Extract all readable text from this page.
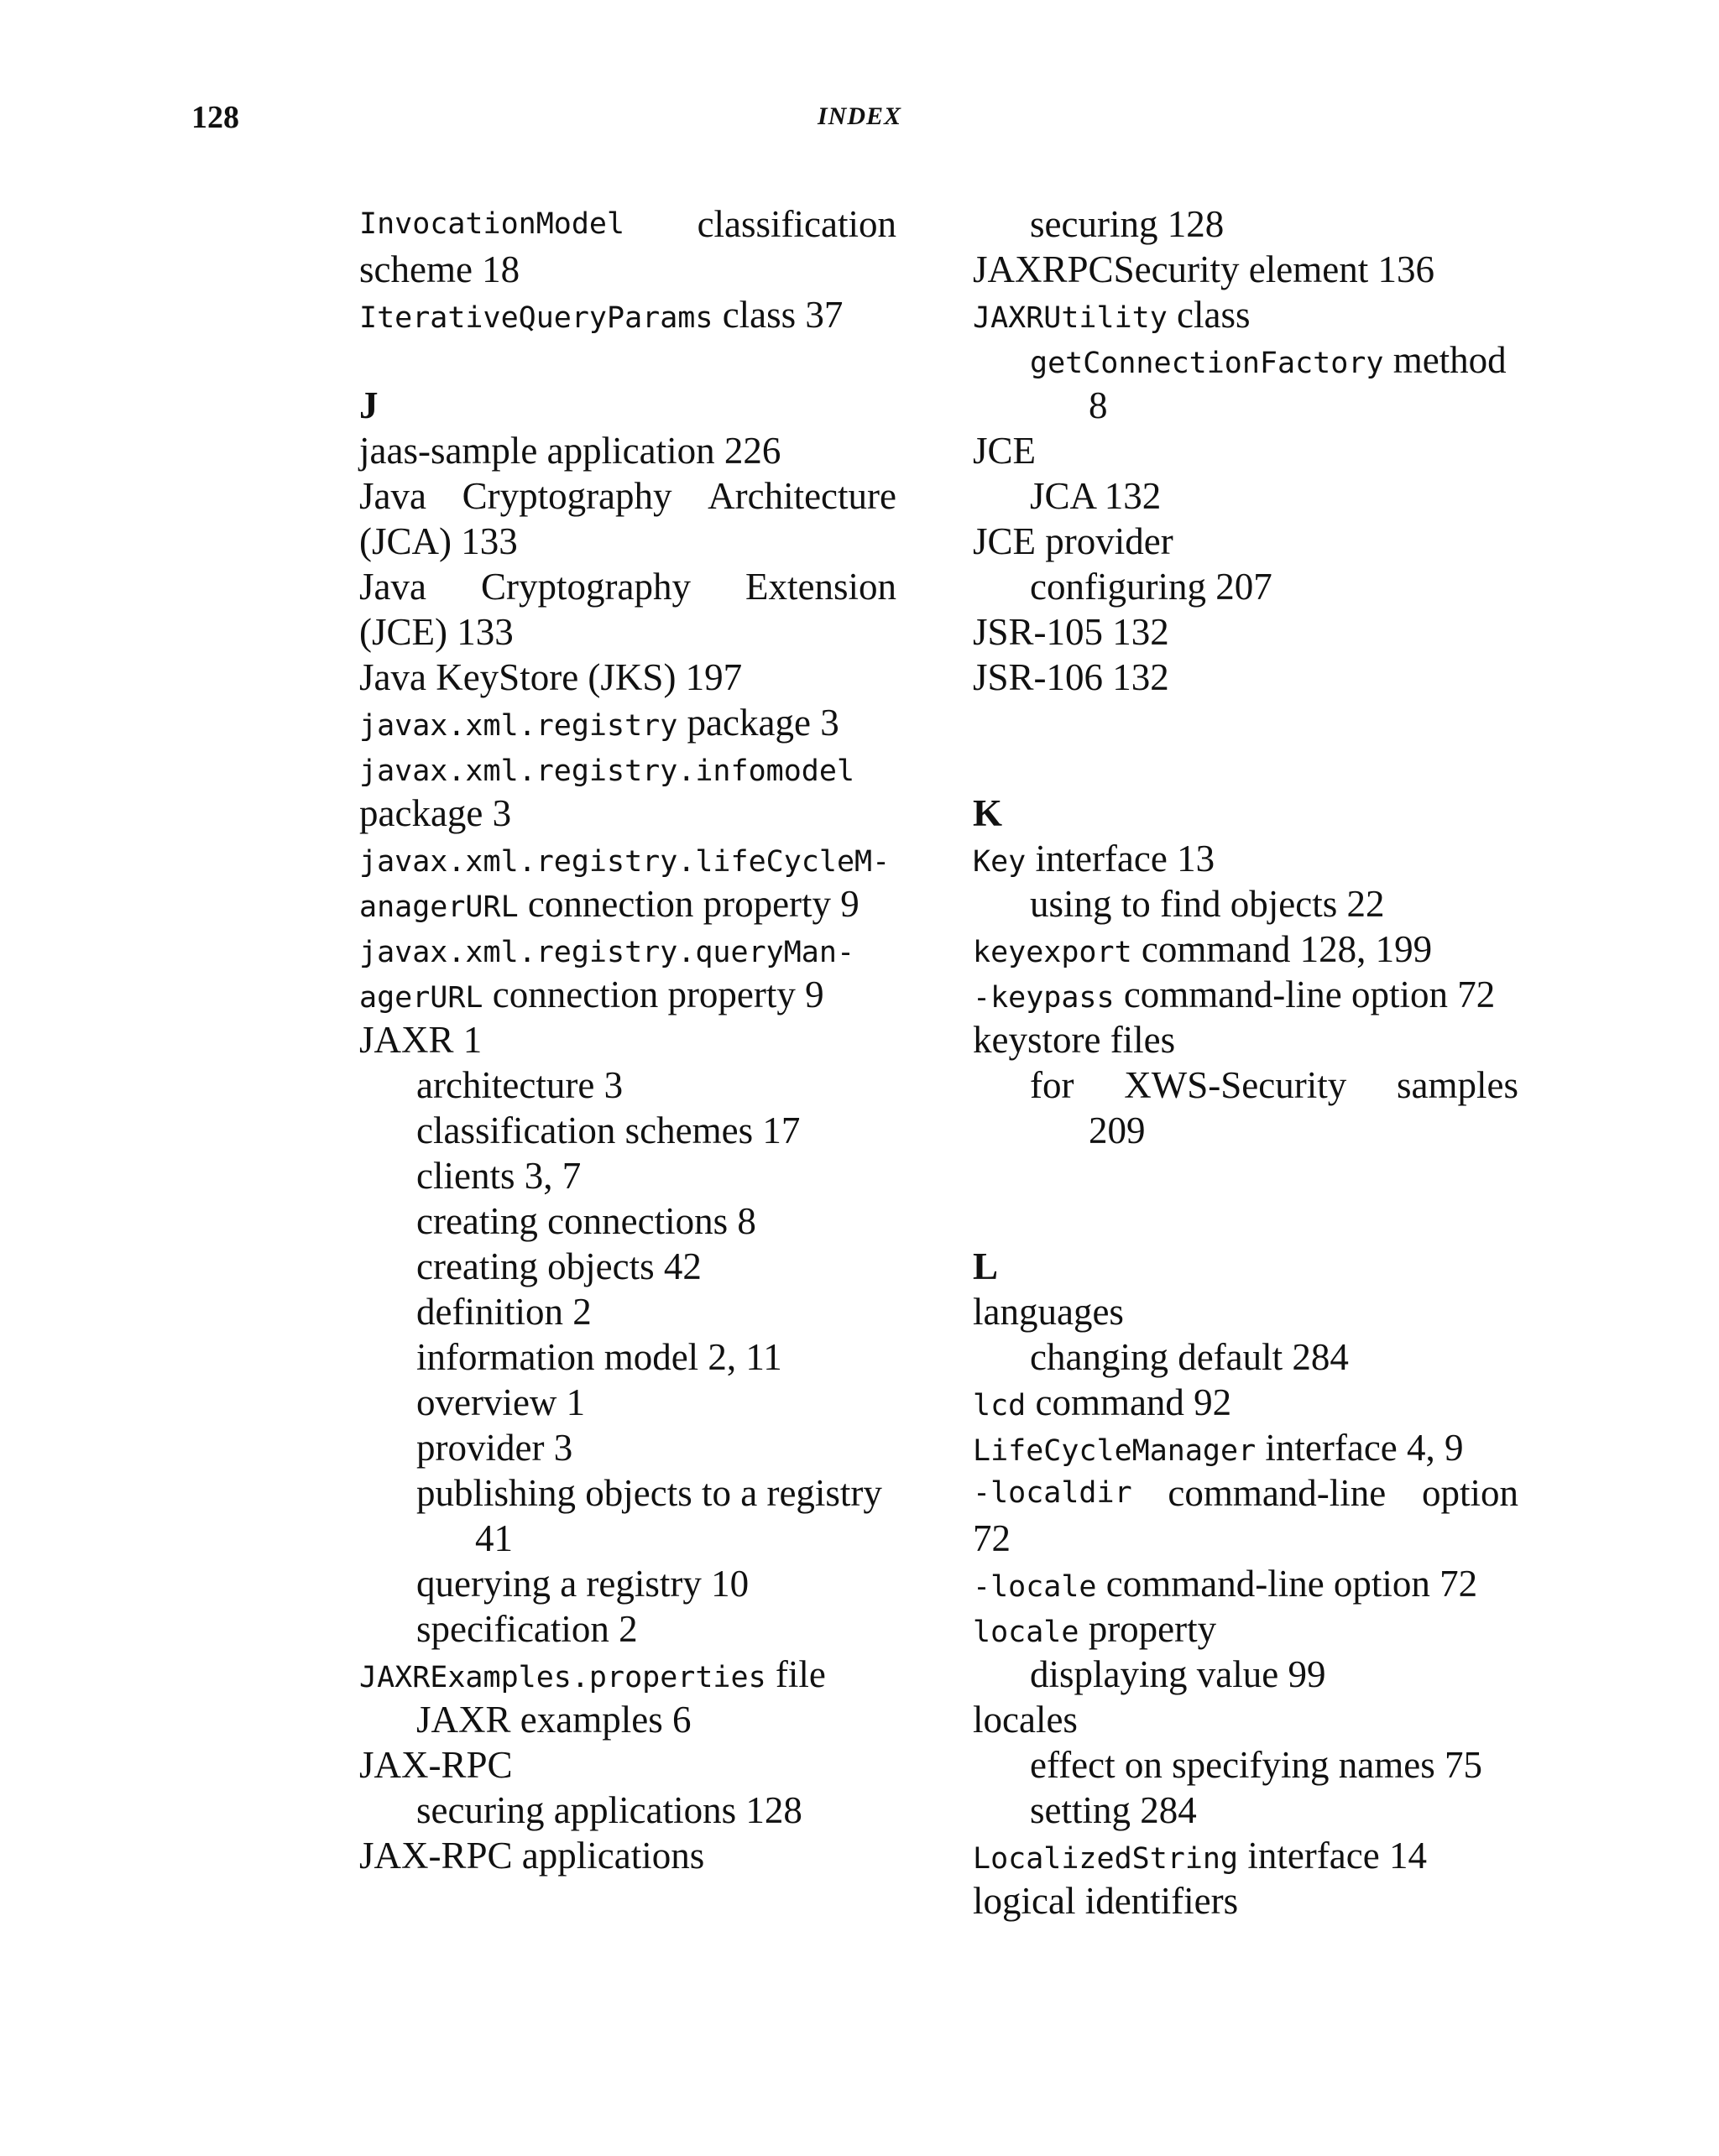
128	INDEX
InvocationModel classification
scheme 18
IterativeQueryParams class 37
J
jaas-sample application 226
Java Cryptography Architecture
(JCA) 133
Java Cryptography Extension
(JCE) 133
Java KeyStore (JKS) 197
javax.xml.registry package 3
javax.xml.registry.infomodel
package 3
javax.xml.registry.lifeCycleM-
anagerURL connection property 9
javax.xml.registry.queryMan-
agerURL connection property 9
JAXR 1
architecture 3
classification schemes 17
clients 3, 7
creating connections 8
creating objects 42
definition 2
information model 2, 11
overview 1
provider 3
publishing objects to a registry
41
querying a registry 10
specification 2
JAXRExamples.properties file
JAXR examples 6
JAX-RPC
securing applications 128
JAX-RPC applications
securing 128
JAXRPCSecurity element 136
JAXRUtility class
getConnectionFactory method
8
JCE
JCA 132
JCE provider
configuring 207
JSR-105 132
JSR-106 132
K
Key interface 13
using to find objects 22
keyexport command 128, 199
-keypass command-line option 72
keystore files
for XWS-Security samples
209
L
languages
changing default 284
lcd command 92
LifeCycleManager interface 4, 9
-localdir command-line option
72
-locale command-line option 72
locale property
displaying value 99
locales
effect on specifying names 75
setting 284
LocalizedString interface 14
logical identifiers
